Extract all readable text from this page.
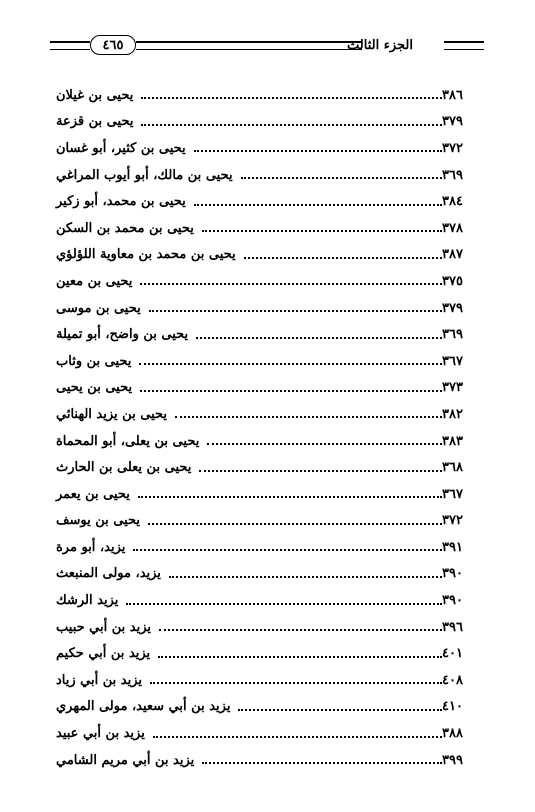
الجزء الثالث
٤٦٥
يحيى بن غيلان	٣٨٦
يحيى بن قزعة	٣٧٩
يحيى بن كثير، أبو غسان	٣٧٢
يحيى بن مالك، أبو أيوب المراغي	٣٦٩
يحيى بن محمد، أبو زكير	٣٨٤
يحيى بن محمد بن السكن	٣٧٨
يحيى بن محمد بن معاوية اللؤلؤي	٣٨٧
يحيى بن معين	٣٧٥
يحيى بن موسى	٣٧٩
يحيى بن واضح، أبو تميلة	٣٦٩
يحيى بن وثاب	٣٦٧
يحيى بن يحيى	٣٧٣
يحيى بن يزيد الهنائي	٣٨٢
يحيى بن يعلى، أبو المحماة	٣٨٣
يحيى بن يعلى بن الحارث	٣٦٨
يحيى بن يعمر	٣٦٧
يحيى بن يوسف	٣٧٢
يزيد، أبو مرة	٣٩١
يزيد، مولى المنبعث	٣٩٠
يزيد الرشك	٣٩٠
يزيد بن أبي حبيب	٣٩٦
يزيد بن أبي حكيم	٤٠١
يزيد بن أبي زياد	٤٠٨
يزيد بن أبي سعيد، مولى المهري	٤١٠
يزيد بن أبي عبيد	٣٨٨
يزيد بن أبي مريم الشامي	٣٩٩
